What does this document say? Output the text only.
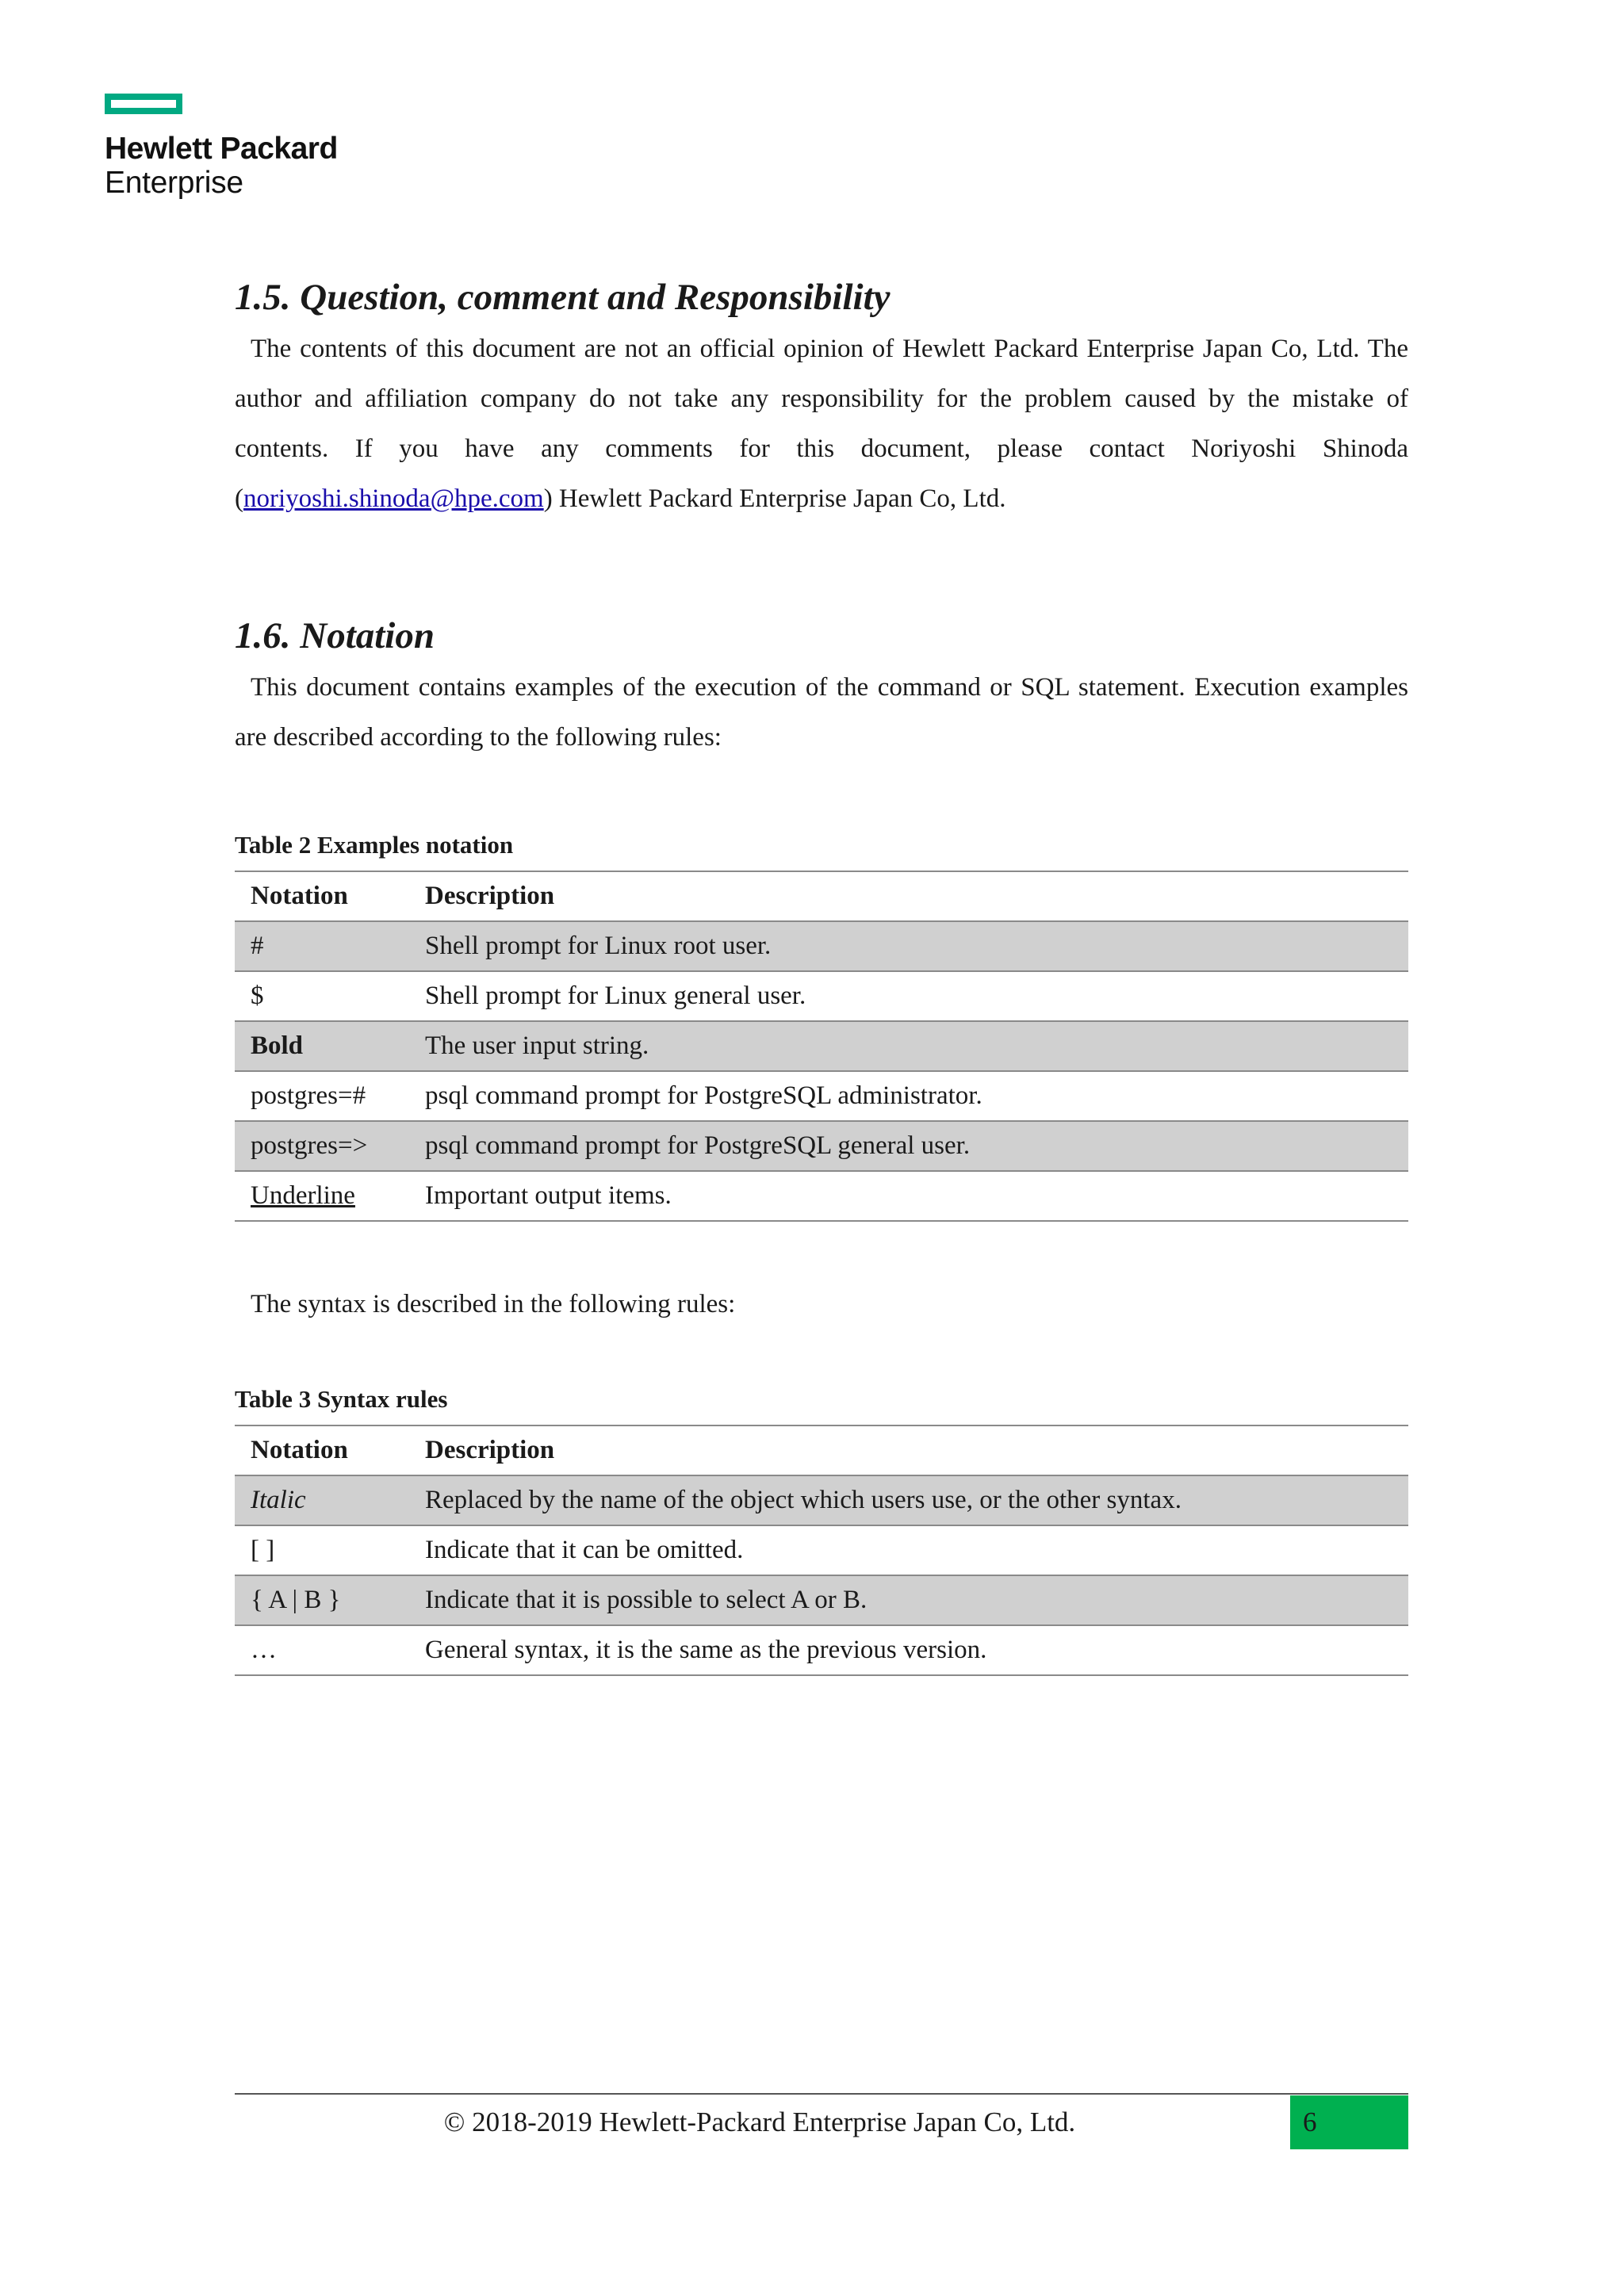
Hewlett Packard
Enterprise
1.5. Question, comment and Responsibility

The contents of this document are not an official opinion of Hewlett Packard Enterprise Japan Co, Ltd. The author and affiliation company do not take any responsibility for the problem caused by the mistake of contents. If you have any comments for this document, please contact Noriyoshi Shinoda (noriyoshi.shinoda@hpe.com) Hewlett Packard Enterprise Japan Co, Ltd.

1.6. Notation

This document contains examples of the execution of the command or SQL statement. Execution examples are described according to the following rules:

Table 2 Examples notation
Notation	Description
#	Shell prompt for Linux root user.
$	Shell prompt for Linux general user.
Bold	The user input string.
postgres=#	psql command prompt for PostgreSQL administrator.
postgres=>	psql command prompt for PostgreSQL general user.
Underline	Important output items.

The syntax is described in the following rules:

Table 3 Syntax rules
Notation	Description
Italic	Replaced by the name of the object which users use, or the other syntax.
[ ]	Indicate that it can be omitted.
{ A | B }	Indicate that it is possible to select A or B.
…	General syntax, it is the same as the previous version.
© 2018-2019 Hewlett-Packard Enterprise Japan Co, Ltd.	6
